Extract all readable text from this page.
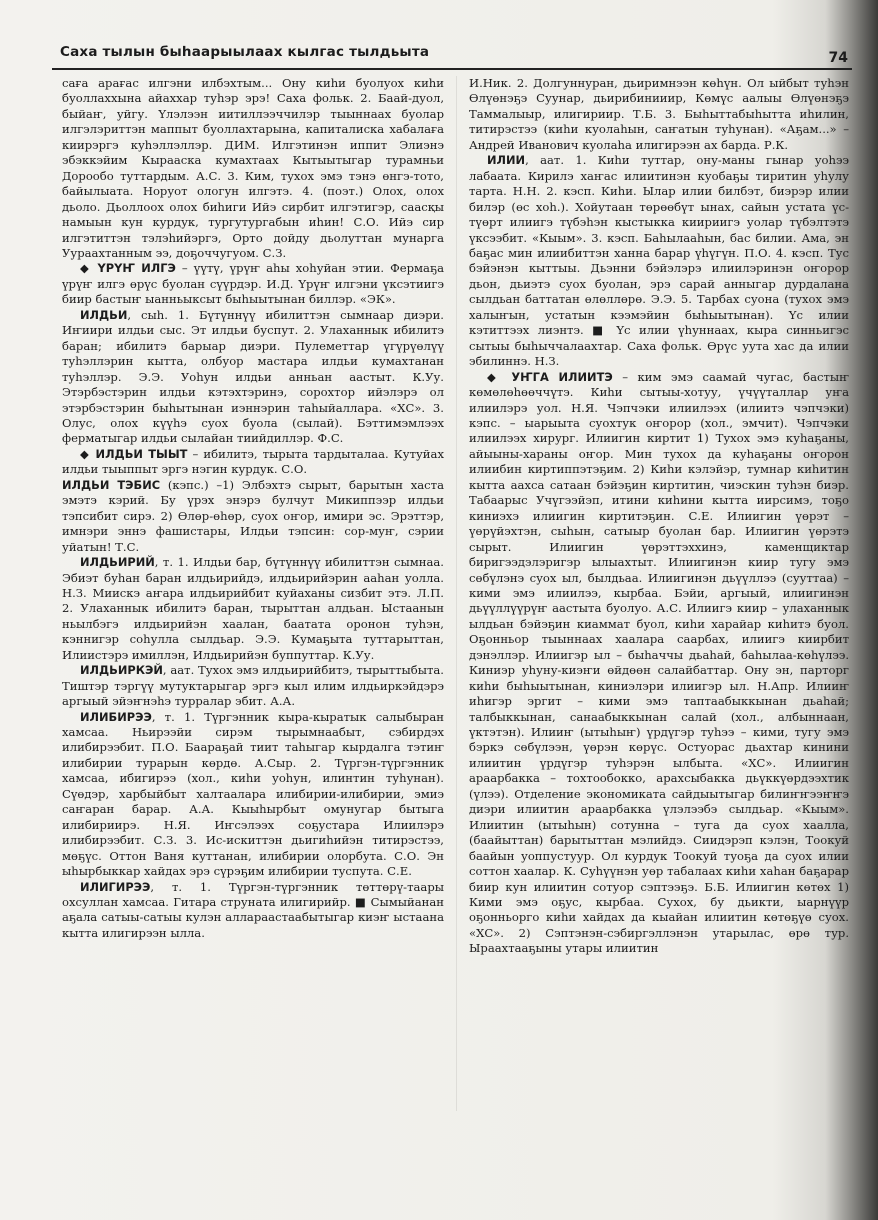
Саха тылын быһаарыылаах кылгас тылдьыта	74

саға арағас илгэни илбэхтым... Ону киһи буолуох киһи буоллаххына айаххар туһэр эрэ! Саха фольк. 2. Баай-дуол, быйаҥ, уйгу. Үлэлээн иитиллээччилэр тыыннаах буолар илгэлэриттэн маппыт буоллахтарына, капиталиска хабалаға киирэргэ куһэллэллэр. ДИМ. Илгэтинэн иппит Элиэнэ эбэккэйим Кырааска кумахтаах Кытыытыгар турамньи Дорообо туттардым. А.С. 3. Ким, тухох эмэ тэнэ өнгэ-тото, байылыата. Норуот ологун илгэтэ. 4. (поэт.) Олох, олох дьоло. Дьоллоох олох биһиги Ийэ сирбит илгэтигэр, саасқы намыын кун курдук, тургутургабын иһин! С.О. Ийэ сир илгэтиттэн тэлэһийэргэ, Орто дойду дьолуттан мунарга Уураахтанным ээ, доҕоччугуом. С.З.

◆ ҮРҮҤ ИЛГЭ – үүтү, үрүҥ аһы хоһуйан этии. Фермаҕа үрүҥ илгэ өрүс буолан сүүрдэр. И.Д. Үрүҥ илгэни үксэтиигэ биир бастыҥ ыанньыксыт быһыытынан биллэр. «ЭК».

ИЛДЬИ, сыһ. 1. Бүтүннүү ибилиттэн сымнаар диэри. Иҥиири илдьи сыс. Эт илдьи буспут. 2. Улаханнык ибилитэ баран; ибилитэ барыар диэри. Пулеметтар үгүрүөлүү туһэллэрин кытта, олбуор мастара илдьи кумахтанан туһэллэр. Э.Э. Уоһун илдьи анньан аастыт. К.Уу. Этэрбэстэрин илдьи кэтэхтэринэ, сорохтор ийэлэрэ ол этэрбэстэрин быһытынан иэннэрин таһыйаллара. «ХС». 3. Олус, олох күүһэ суох буола (сылай). Бэттимэмлээх ферматыгар илдьи сылайан тиийдиллэр. Ф.С.

◆ ИЛДЬИ ТЫЫТ – ибилитэ, тырыта тардыталаа. Кутуйах илдьи тыыппыт эргэ нэгин курдук. С.О.

ИЛДЬИ ТЭБИС (кэпс.) –1) Элбэхтэ сырыт, барытын хаста эмэтэ кэрий. Бу үрэх энэрэ булчут Микиппээр илдьи тэпсибит сирэ. 2) Өлөр-өһөр, суох оҥор, имири эс. Эрэттэр, имнэри эннэ фашистары, Илдьи тэпсин: сор-муҥ, сэрии уйатын! Т.С.

ИЛДЬИРИЙ, т. 1. Илдьи бар, бүтүннүү ибилиттэн сымнаа. Эбиэт буһан баран илдьирийдэ, илдьирийэрин ааһан уолла. Н.З. Миискэ аҥара илдьирийбит куйаханы сизбит этэ. Л.П. 2. Улаханнык ибилитэ баран, тырыттан алдьан. Ыстаанын ньылбэгэ илдьирийэн хаалан, баатата оронон туһэн, кэннигэр соһулла сылдьар. Э.Э. Кумаҕыта туттарыттан, Илиистэрэ имиллэн, Илдьирийэн буппуттар. К.Уу.

ИЛДЬИРКЭЙ, аат. Тухох эмэ илдьирийбитэ, тырыттыбыта. Тиштэр тэргүү мутуктарыгар эргэ кыл илим илдьиркэйдэрэ аргыый эйэҥнэһэ турралар эбит. А.А.

ИЛИБИРЭЭ, т. 1. Түргэнник кыра-кыратык салыбыран хамсаа. Ньирээйи сирэм тырымнаабыт, сэбирдэх илибирээбит. П.О. Баараҕай тиит таһыгар кырдалга тэтиҥ илибирии турарын көрдө. А.Сыр. 2. Түргэн-түргэнник хамсаа, ибигирээ (хол., киһи уоһун, илинтин туһунан). Сүөдэр, харбыйбыт халтаалара илибирии-илибирии, эмиэ саҥаран барар. А.А. Кыыһырбыт омунугар бытыга илибириирэ. Н.Я. Иҥсэлээх соҕустара Илиилэрэ илибирээбит. С.З. 3. Ис-искиттэн дьигиһийэн титирэстээ, мөҕүс. Оттон Ваня куттанан, илибирии олорбута. С.О. Эн ыһырбыккар хайдах эрэ сүрэҕим илибирии туспута. С.Е.

ИЛИГИРЭЭ, т. 1. Түргэн-түргэнник төттөрү-таары охсуллан хамсаа. Гитара струната илигирийр. ■ Сымыйанан аҕала сатыы-сатыы кулэн аллараастаабытыгар киэҥ ыстаана кытта илигирээн ылла.

И.Ник. 2. Долгуннуран, дьиримнээн көһүн. Ол ыйбыт туһэн Өлүөнэҕэ Суунар, дьирибинииир, Көмүс аалыы Өлүөнэҕэ Таммалыыр, илигириир. Т.Б. 3. Быһыттабыһытта иһилин, титирэстээ (киһи куолаһын, саҥатын туһунан). «Аҕам...» – Андрей Иванович куолаһа илигирээн ах барда. Р.К.

ИЛИИ, аат. 1. Киһи туттар, ону-маны гынар уоһээ лабаата. Кирилэ хаҥас илиитинэн куобаҕы тиритин уһулу тарта. Н.Н. 2. кэсп. Киһи. Ылар илии билбэт, биэрэр илии билэр (өс хоһ.). Хойутаан төрөөбүт ынах, сайын устата үс-түөрт илиигэ түбэһэн кыстыкка киириигэ уолар түбэлтэтэ үксээбит. «Кыым». 3. кэсп. Баһылааһын, бас билии. Ама, эн баҕас мин илиибиттэн ханна барар үһүгүн. П.О. 4. кэсп. Тус бэйэнэн кыттыы. Дьэнни бэйэлэрэ илиилэринэн оҥорор дьон, дьиэтэ суох буолан, эрэ сарай анныгар дурдалана сылдьан баттатан өлөллөрө. Э.Э. 5. Тарбах суона (тухох эмэ халыҥын, устатын кээмэйин быһыытынан). Үс илии кэтиттээх лиэнтэ. ■ Үс илии үһуннаах, кыра синньигэс сытыы быһыччалаахтар. Саха фольк. Өрүс уута хас да илии эбилиннэ. Н.З.

◆ УҤГА ИЛИИТЭ – ким эмэ саамай чугас, бастыҥ көмөлөһөөччүтэ. Киһи сытыы-хотуу, үчүүталлар уҥа илиилэрэ уол. Н.Я. Чэпчэки илиилээх (илиитэ чэпчэки) кэпс. – ыарыыта суохтук оҥорор (хол., эмчит). Чэпчэки илиилээх хирург. Илиигин киртит 1) Тухох эмэ куһаҕаны, айыыны-хараны оҥор. Мин тухох да куһаҕаны оҥорон илиибин киртиппэтэҕим. 2) Киһи кэлэйэр, тумнар киһитин кытта аахса сатаан бэйэҕин киртитин, чиэскин туһэн биэр. Табаарыс Учүгээйэп, итини киһини кытта ииpсимэ, тоҕо киниэхэ илиигин киртитэҕин. С.Е. Илиигин үөрэт – үөрүйэхтэн, сыһын, сатыыр буолан бар. Илиигин үөрэтэ сырыт. Илиигин үөрэттэххинэ, каменщиктар биригээдэлэригэр ылыахтыт. Илиигинэн киир тугу эмэ сөбүлэнэ суох ыл, былдьаа. Илиигинэн дьүүллээ (сууттаа) – кими эмэ илиилээ, кырбаа. Бэйи, аргыый, илиигинэн дьүүллүүрүҥ аастыта буолуо. А.С. Илиигэ киир – улаханнык ылдьан бэйэҕин киаммат буол, киһи харайар киһитэ буол. Оҕонньор тыыннаах хаалара саарбах, илиигэ киирбит дэнэллэр. Илиигэр ыл – быһаччы дьаһай, баһылаа-көһүлээ. Киниэр уһуну-киэҥи өйдөөн салайбаттар. Ону эн, парторг киһи быһыытынан, киниэлэри илиигэр ыл. Н.Апр. Илииҥ иһигэр эргит – кими эмэ таптаабыккынан дьаһай; талбыккынан, санаабыккынан салай (хол., албыннаан, үктэтэн). Илииҥ (ытыһыҥ) үрдүгэр туһээ – кими, тугу эмэ бэркэ сөбүлээн, үөрэн көрүс. Остуорас дьахтар кинини илиитин үрдүгэр туһэрэн ылбыта. «ХС». Илиигин араарбакка – тохтообокко, арахсыбакка дьүккүөрдээхтик (үлээ). Отделение экономиката сайдыытыгар билиҥҥээҥҥэ диэри илиитин арааpбакка үлэлээбэ сылдьар. «Кыым». Илиитин (ытыһын) сотунна – туга да суох хаалла, (баайыттан) барытыттан мэлийдэ. Сиидэрэп кэлэн, Тоокуй баайын уоппустуур. Ол курдук Тоокуй туоҕа да суох илии соттон хаалар. К. Суһүүнэн уөр табалаах киһи хаһан баҕарар биир кун илиитин сотуор сэптээҕэ. Б.Б. Илиигин көтөх 1) Кими эмэ оҕус, кырбаа. Сухох, бу дьикти, ыарнүүр оҕонньорго киһи хайдах да кыайан илиитин көтөҕүө суох. «ХС». 2) Сэптэнэн-сэбиргэллэнэн утарылас, өрө тур. Ыраахтааҕыны утары илиитин
